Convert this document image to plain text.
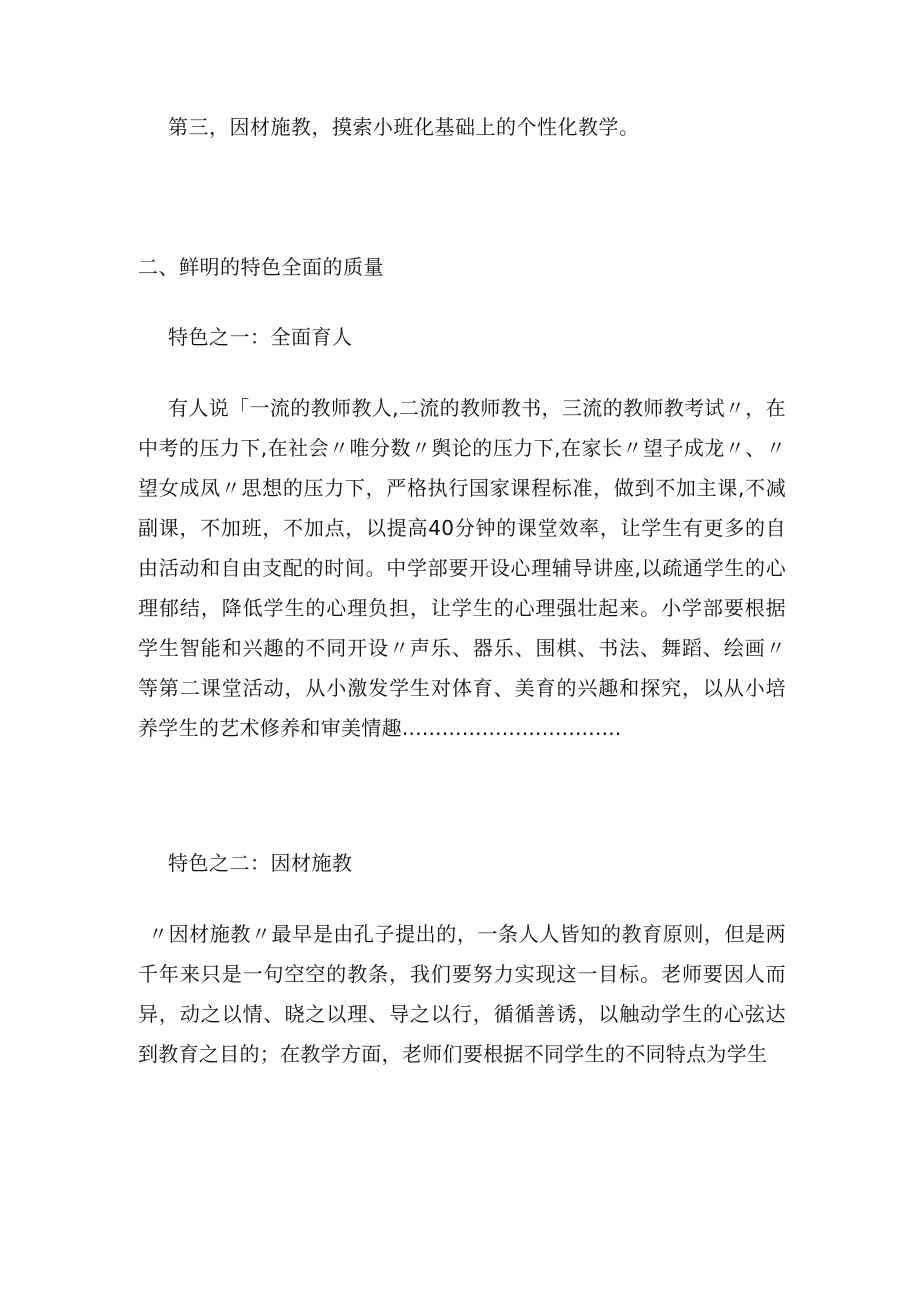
第三，因材施教，摸索小班化基础上的个性化教学。
二、鲜明的特色全面的质量
特色之一：全面育人
有人说「一流的教师教人,二流的教师教书，三流的教师教考试〃，在中考的压力下,在社会〃唯分数〃舆论的压力下,在家长〃望子成龙〃、〃望女成凤〃思想的压力下，严格执行国家课程标准，做到不加主课,不减副课，不加班，不加点，以提高40分钟的课堂效率，让学生有更多的自由活动和自由支配的时间。中学部要开设心理辅导讲座,以疏通学生的心理郁结，降低学生的心理负担，让学生的心理强壮起来。小学部要根据学生智能和兴趣的不同开设〃声乐、器乐、围棋、书法、舞蹈、绘画〃等第二课堂活动，从小激发学生对体育、美育的兴趣和探究，以从小培养学生的艺术修养和审美情趣.................................
特色之二：因材施教
〃因材施教〃最早是由孔子提出的，一条人人皆知的教育原则，但是两千年来只是一句空空的教条，我们要努力实现这一目标。老师要因人而异，动之以情、晓之以理、导之以行，循循善诱，以触动学生的心弦达到教育之目的；在教学方面，老师们要根据不同学生的不同特点为学生
